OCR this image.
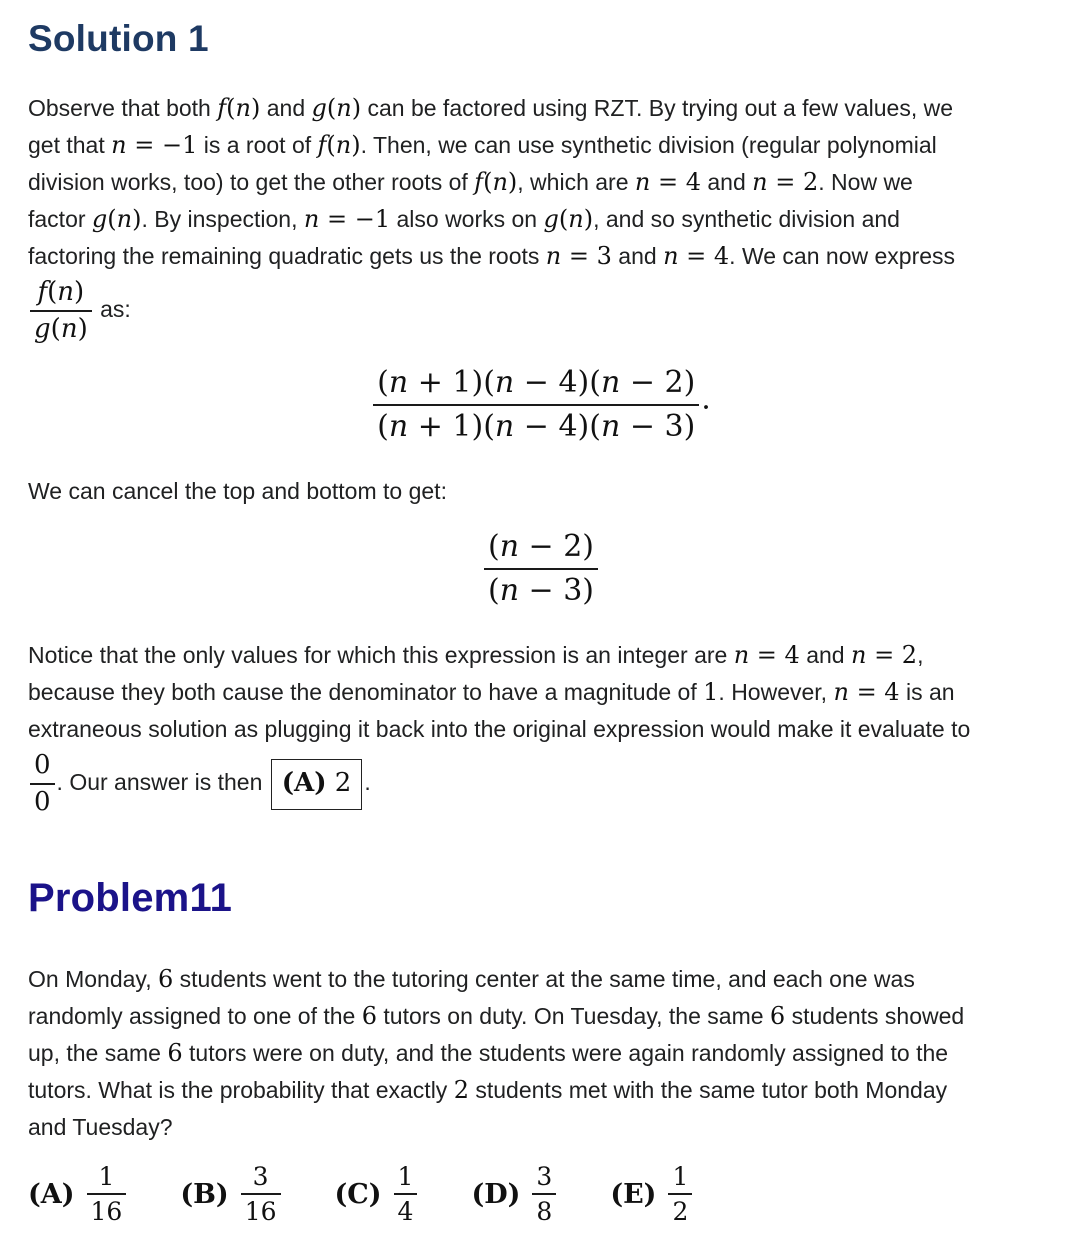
Solution 1
Observe that both f(n) and g(n) can be factored using RZT. By trying out a few values, we
get that n = −1 is a root of f(n). Then, we can use synthetic division (regular polynomial
division works, too) to get the other roots of f(n), which are n = 4 and n = 2. Now we
factor g(n). By inspection, n = −1 also works on g(n), and so synthetic division and
factoring the remaining quadratic gets us the roots n = 3 and n = 4. We can now express
$\frac{f(n)}{g(n)}$ as:
$\frac{(n + 1)(n - 4)(n - 2)}{(n + 1)(n - 4)(n - 3)}$ .
We can cancel the top and bottom to get:
$\frac{(n - 2)}{(n - 3)}$
Notice that the only values for which this expression is an integer are n = 4 and n = 2,
because they both cause the denominator to have a magnitude of 1. However, n = 4 is an
extraneous solution as plugging it back into the original expression would make it evaluate to
$\frac{0}{0}$ . Our answer is then (A) 2 .
Problem11
On Monday, 6 students went to the tutoring center at the same time, and each one was
randomly assigned to one of the 6 tutors on duty. On Tuesday, the same 6 students showed
up, the same 6 tutors were on duty, and the students were again randomly assigned to the
tutors. What is the probability that exactly 2 students met with the same tutor both Monday
and Tuesday?
$(A) \frac{1}{16} (B) \frac{3}{16} (C) \frac{1}{4} (D) \frac{3}{8} (E) \frac{1}{2}$
